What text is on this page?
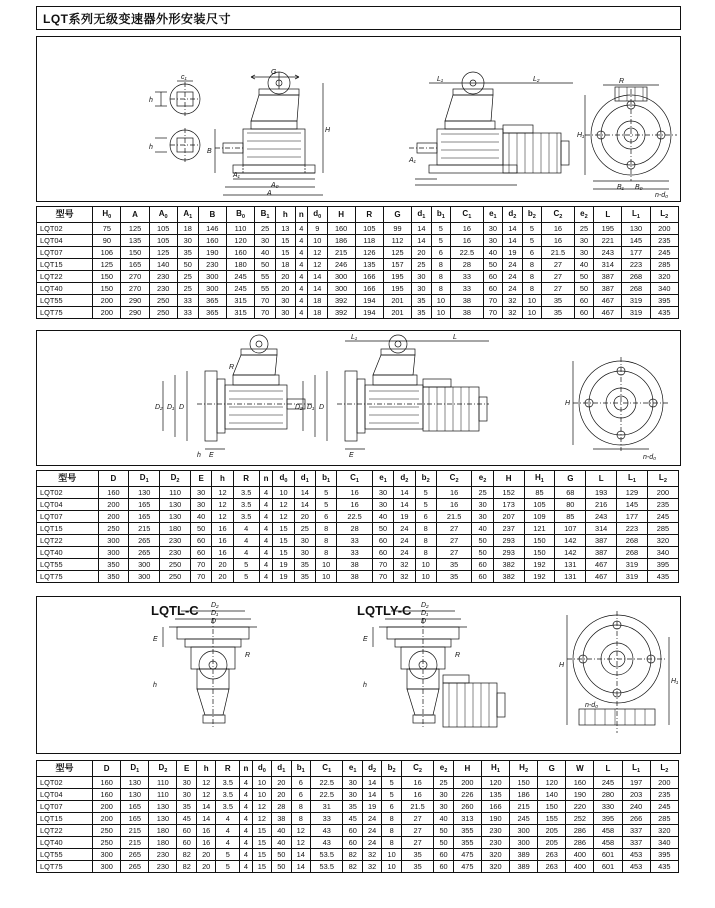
LQT系列无级变速器外形安装尺寸
c₁
h
h
G
A₀
A
A₁
H
B
L₁	L₂
A₁
R
B₁ B₀
n-d₀
H₁
型号	$H_0$	A	$A_0$	$A_1$	B	$B_0$	$B_1$	h	n	$d_0$	H	R	G	$d_1$	$b_1$	$C_1$	$e_1$	$d_2$	$b_2$	$C_2$	$e_2$	L	$L_1$	$L_2$
LQT02	75	125	105	18	146	110	25	13	4	9	160	105	99	14	5	16	30	14	5	16	25	195	130	200
LQT04	90	135	105	30	160	120	30	15	4	10	186	118	112	14	5	16	30	14	5	16	30	221	145	235
LQT07	106	150	125	35	190	160	40	15	4	12	215	126	125	20	6	22.5	40	19	6	21.5	30	243	177	245
LQT15	125	165	140	50	230	180	50	18	4	12	246	135	157	25	8	28	50	24	8	27	40	314	223	285
LQT22	150	270	230	25	300	245	55	20	4	14	300	166	195	30	8	33	60	24	8	27	50	387	268	320
LQT40	150	270	230	25	300	245	55	20	4	14	300	166	195	30	8	33	60	24	8	27	50	387	268	340
LQT55	200	290	250	33	365	315	70	30	4	18	392	194	201	35	10	38	70	32	10	35	60	467	319	395
LQT75	200	290	250	33	365	315	70	30	4	18	392	194	201	35	10	38	70	32	10	35	60	467	319	435
D
D₁
D₂
E
h
R
D
D₁
D₂
E
L₁	L
n-d₀
H
型号	D	$D_1$	$D_2$	E	h	R	n	$d_0$	$d_1$	$b_1$	$C_1$	$e_1$	$d_2$	$b_2$	$C_2$	$e_2$	H	$H_1$	G	L	$L_1$	$L_2$
LQT02	160	130	110	30	12	3.5	4	10	14	5	16	30	14	5	16	25	152	85	68	193	129	200
LQT04	200	165	130	30	12	3.5	4	12	14	5	16	30	14	5	16	30	173	105	80	216	145	235
LQT07	200	165	130	40	12	3.5	4	12	20	6	22.5	40	19	6	21.5	30	207	109	85	243	177	245
LQT15	250	215	180	50	16	4	4	15	25	8	28	50	24	8	27	40	237	121	107	314	223	285
LQT22	300	265	230	60	16	4	4	15	30	8	33	60	24	8	27	50	293	150	142	387	268	320
LQT40	300	265	230	60	16	4	4	15	30	8	33	60	24	8	27	50	293	150	142	387	268	340
LQT55	350	300	250	70	20	5	4	19	35	10	38	70	32	10	35	60	382	192	131	467	319	395
LQT75	350	300	250	70	20	5	4	19	35	10	38	70	32	10	35	60	382	192	131	467	319	435
D
D₁
D₂
E
h
R
D
D₁
D₂
E
h
R
n-d₀
H
H₁
LQTL-C	LQTLY-C
型号	D	$D_1$	$D_2$	E	h	R	n	$d_0$	$d_1$	$b_1$	$C_1$	$e_1$	$d_2$	$b_2$	$C_2$	$e_2$	H	$H_1$	$H_2$	G	W	L	$L_1$	$L_2$
LQT02	160	130	110	30	12	3.5	4	10	20	6	22.5	30	14	5	16	25	200	120	150	120	160	245	197	200
LQT04	160	130	110	30	12	3.5	4	10	20	6	22.5	30	14	5	16	30	226	135	186	140	190	280	203	235
LQT07	200	165	130	35	14	3.5	4	12	28	8	31	35	19	6	21.5	30	260	166	215	150	220	330	240	245
LQT15	200	165	130	45	14	4	4	12	38	8	33	45	24	8	27	40	313	190	245	155	252	395	266	285
LQT22	250	215	180	60	16	4	4	15	40	12	43	60	24	8	27	50	355	230	300	205	286	458	337	320
LQT40	250	215	180	60	16	4	4	15	40	12	43	60	24	8	27	50	355	230	300	205	286	458	337	340
LQT55	300	265	230	82	20	5	4	15	50	14	53.5	82	32	10	35	60	475	320	389	263	400	601	453	395
LQT75	300	265	230	82	20	5	4	15	50	14	53.5	82	32	10	35	60	475	320	389	263	400	601	453	435
